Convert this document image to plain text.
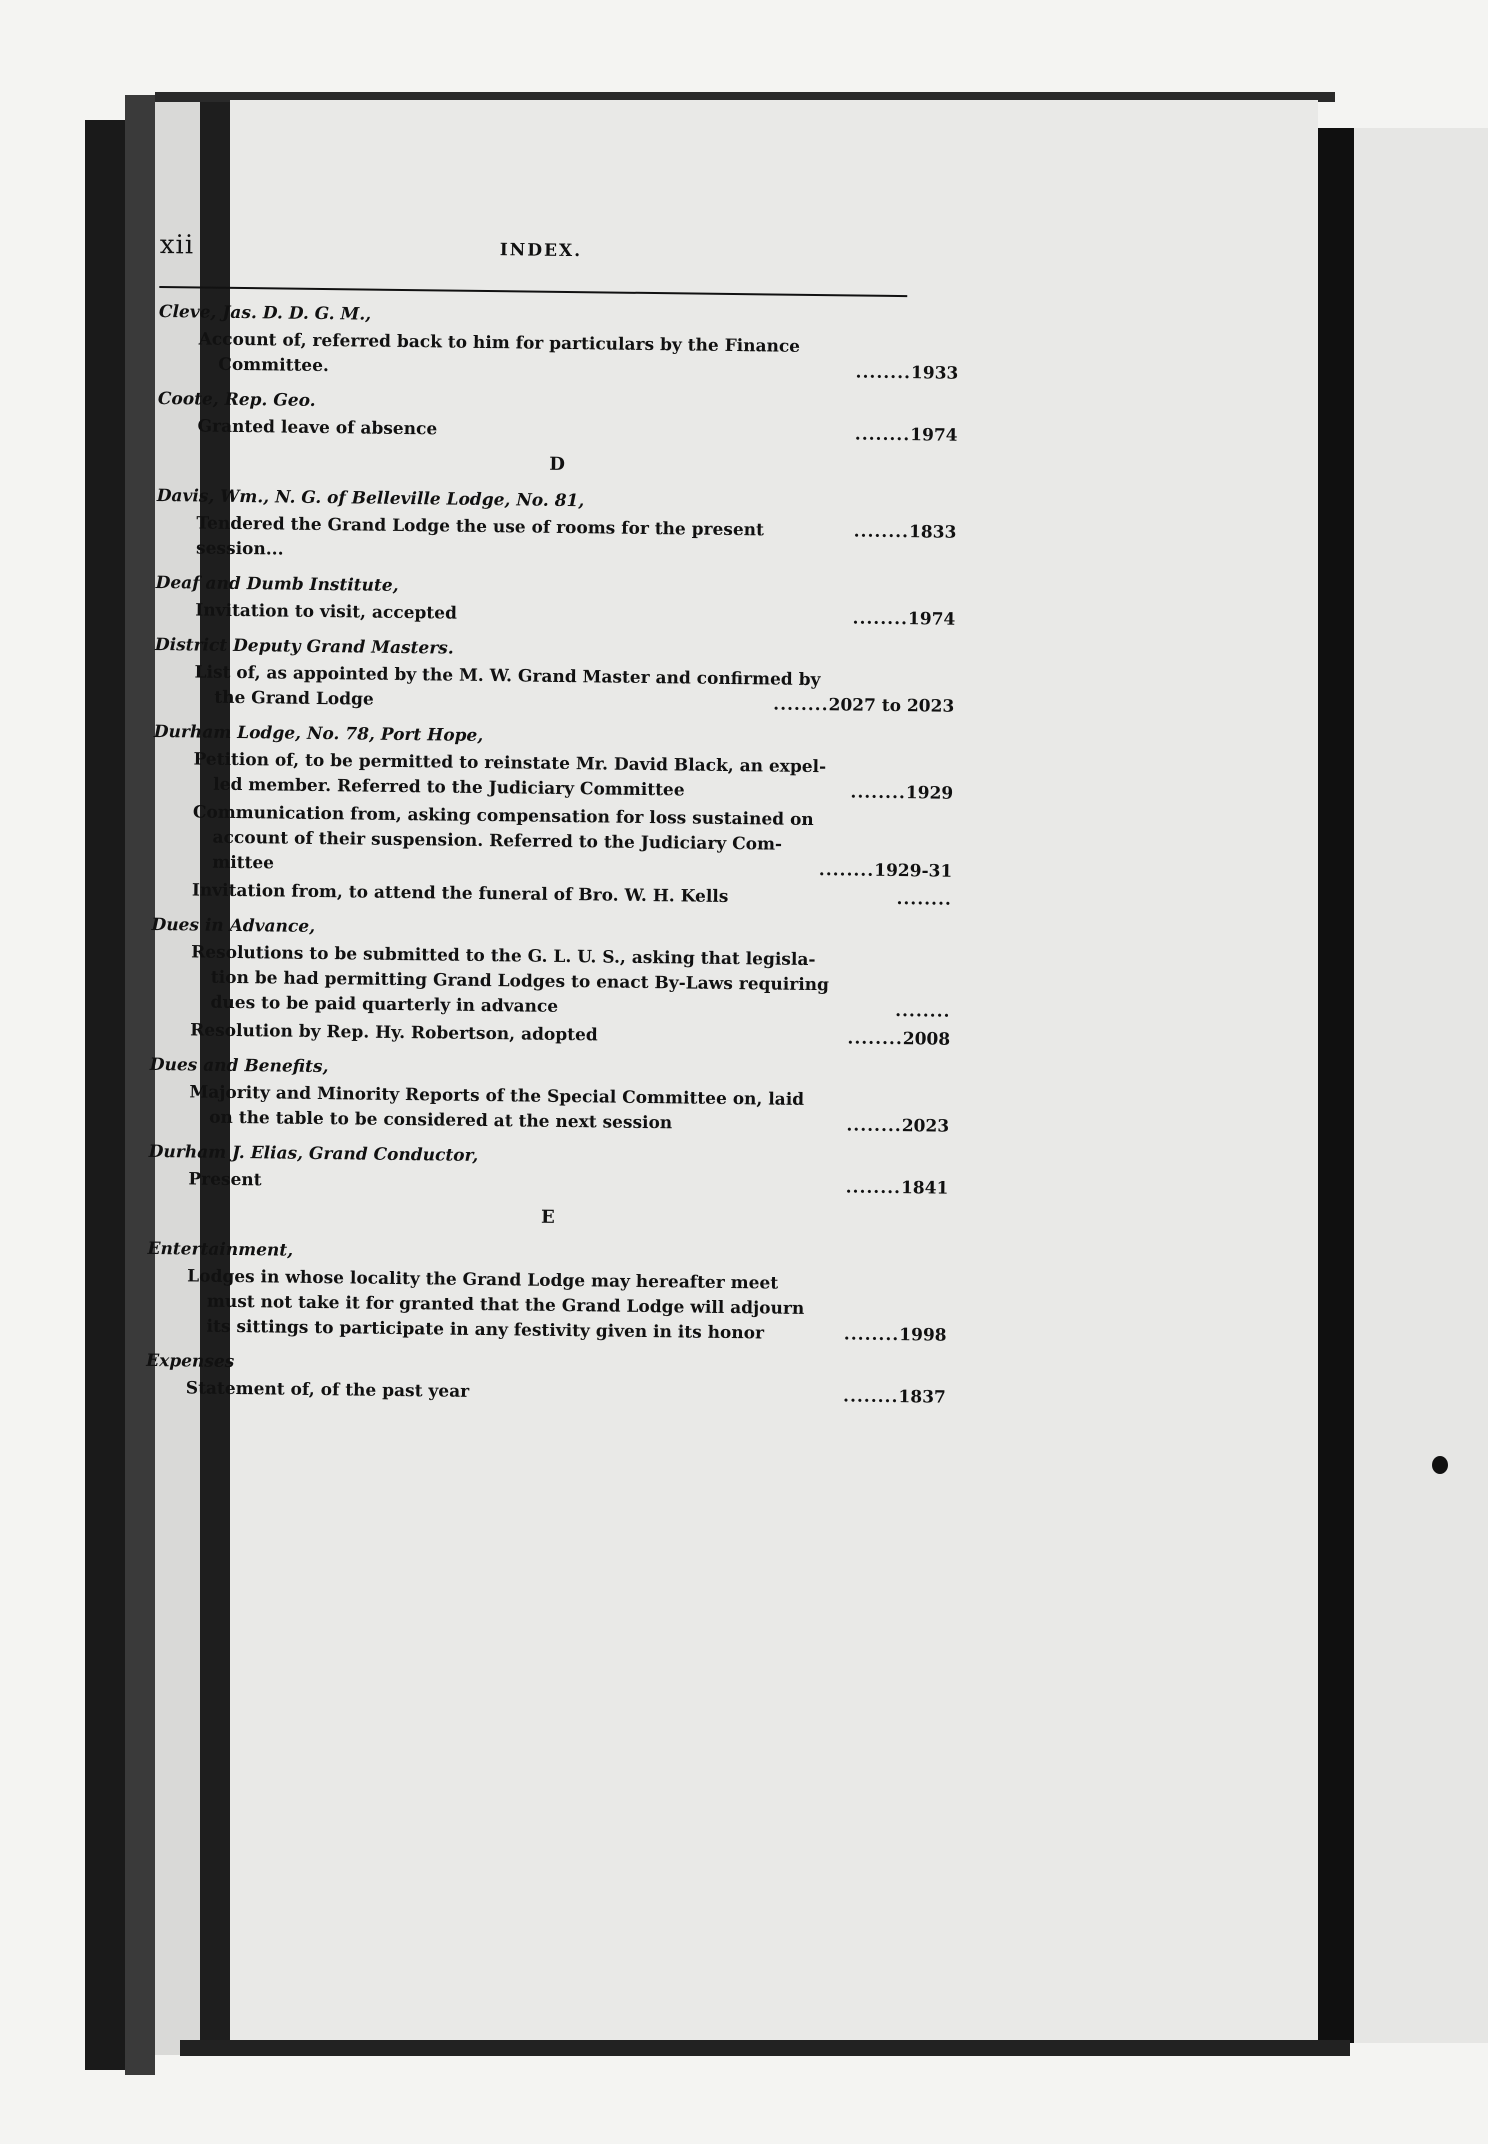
xii	INDEX.
Cleve, Jas. D. D. G. M.,
Account of, referred back to him for particulars by the Finance
Committee.	........1933
Coote, Rep. Geo.
Granted leave of absence	........1974
D
Davis, Wm., N. G. of Belleville Lodge, No. 81,
Tendered the Grand Lodge the use of rooms for the present session...
........1833
Deaf and Dumb Institute,
Invitation to visit, accepted	........1974
District Deputy Grand Masters.
List of, as appointed by the M. W. Grand Master and confirmed by
the Grand Lodge	........2027 to 2023
Durham Lodge, No. 78, Port Hope,
Petition of, to be permitted to reinstate Mr. David Black, an expel-
led member. Referred to the Judiciary Committee	........1929
Communication from, asking compensation for loss sustained on
account of their suspension. Referred to the Judiciary Com-
mittee	........1929-31
Invitation from, to attend the funeral of Bro. W. H. Kells	........
Dues in Advance,
Resolutions to be submitted to the G. L. U. S., asking that legisla-
tion be had permitting Grand Lodges to enact By-Laws requiring
dues to be paid quarterly in advance	........
Resolution by Rep. Hy. Robertson, adopted	........2008
Dues and Benefits,
Majority and Minority Reports of the Special Committee on, laid
on the table to be considered at the next session	........2023
Durham J. Elias, Grand Conductor,
Present	........1841
E
Entertainment,
Lodges in whose locality the Grand Lodge may hereafter meet
must not take it for granted that the Grand Lodge will adjourn
its sittings to participate in any festivity given in its honor	........1998
Expenses
Statement of, of the past year	........1837
